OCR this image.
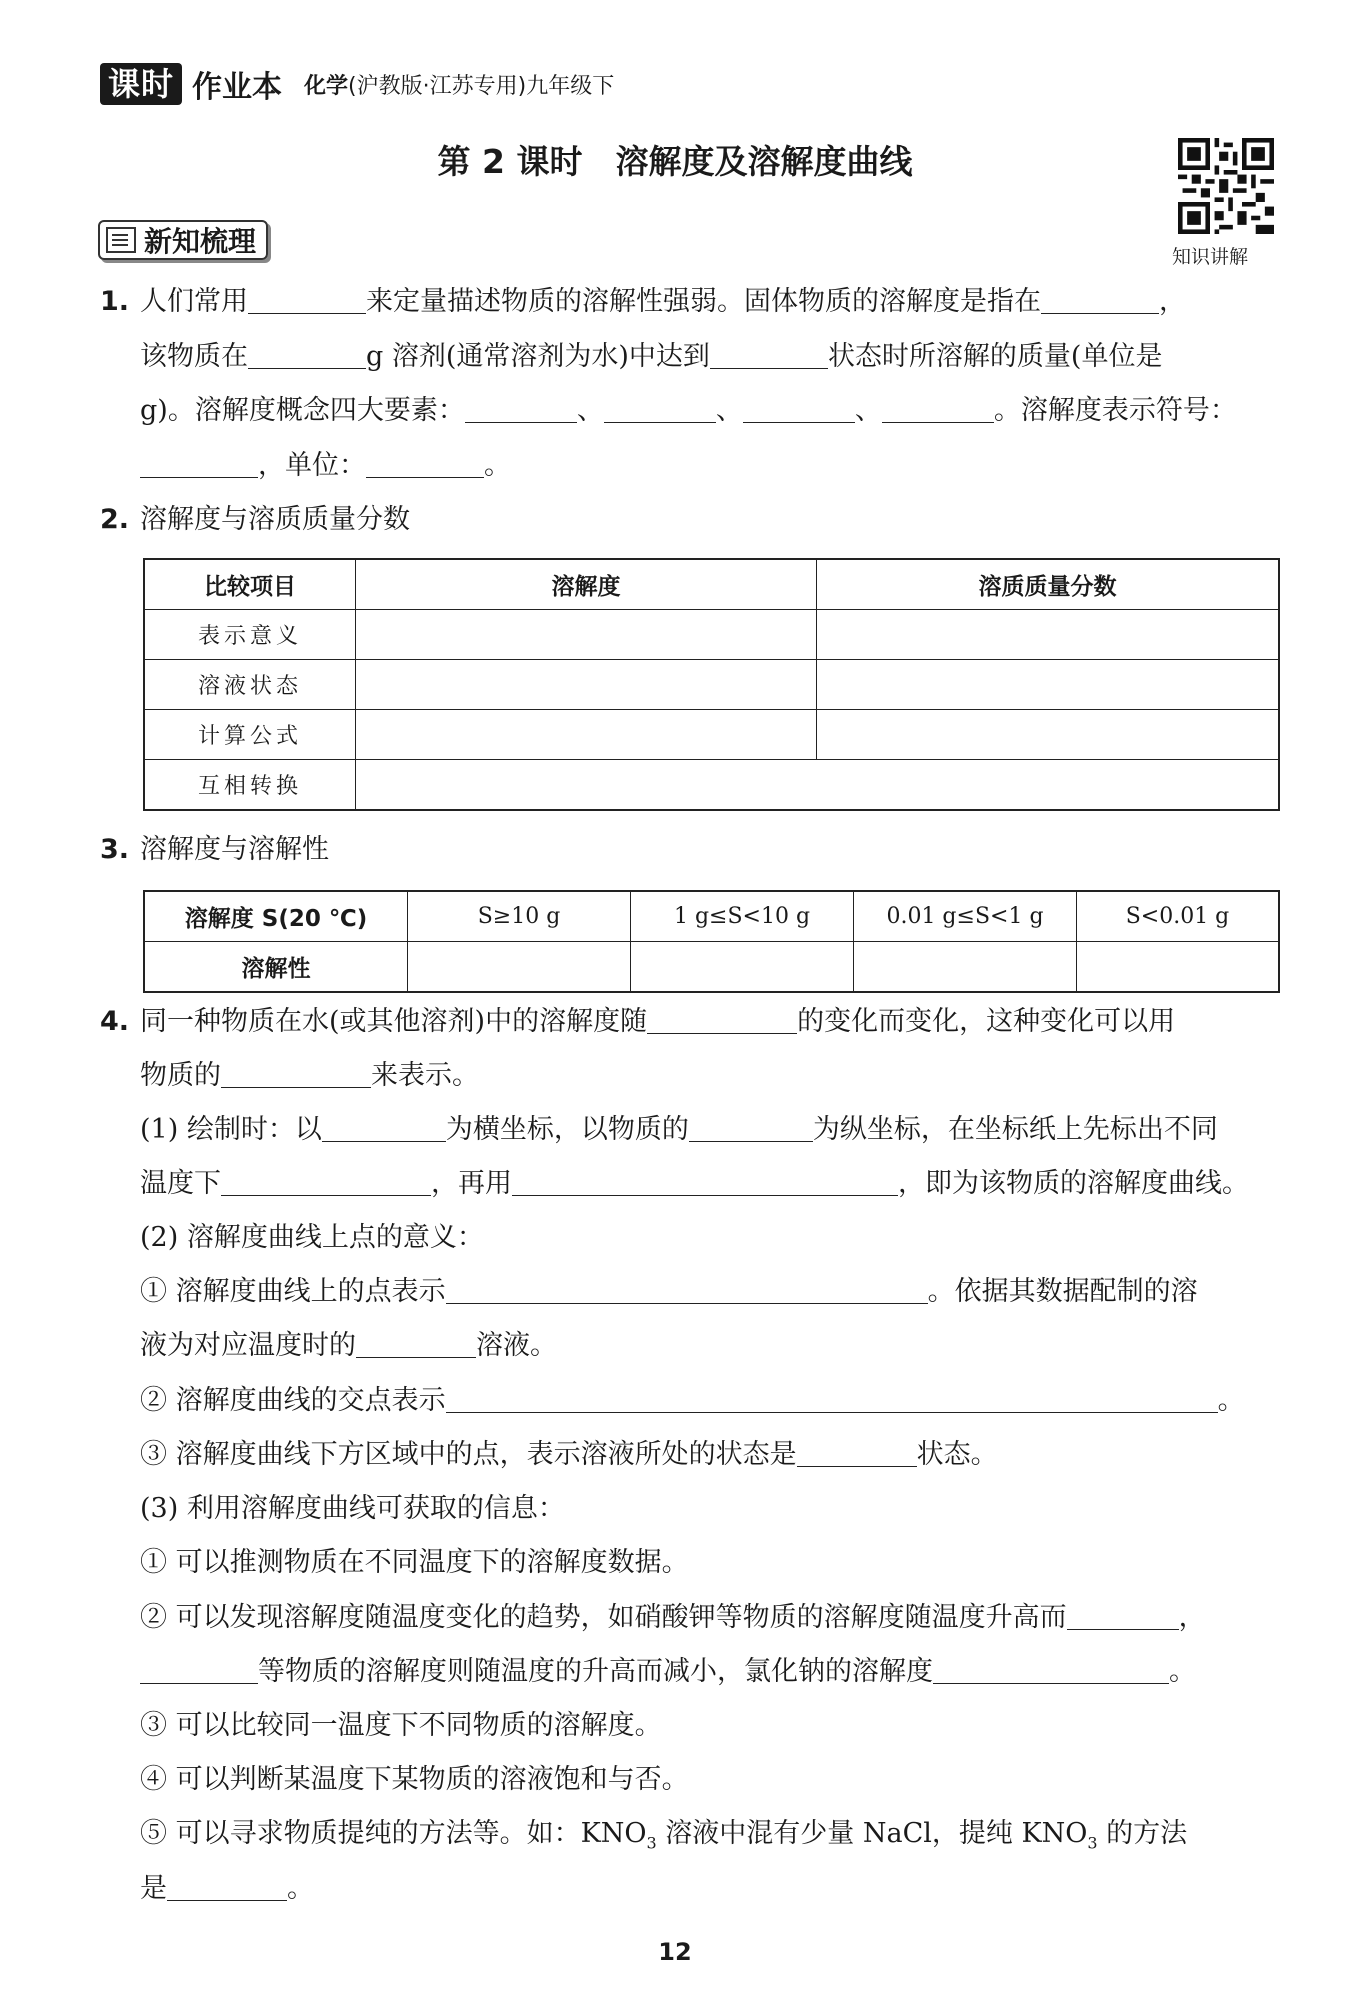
课时 作业本 化学(沪教版·江苏专用)九年级下
第 2 课时　溶解度及溶解度曲线
知识讲解
新知梳理
1. 人们常用	来定量描述物质的溶解性强弱。固体物质的溶解度是指在	，
该物质在	g 溶剂(通常溶剂为水)中达到	状态时所溶解的质量(单位是
g)。溶解度概念四大要素：	、	、	、	。溶解度表示符号：
，单位：	。
2. 溶解度与溶质质量分数
比较项目	溶解度	溶质质量分数
表示意义		
溶液状态		
计算公式		
互相转换		
3. 溶解度与溶解性
溶解度 S(20 ℃)	S≥10 g	1 g≤S<10 g	0.01 g≤S<1 g	S<0.01 g
溶解性				
4. 同一种物质在水(或其他溶剂)中的溶解度随	的变化而变化，这种变化可以用
物质的	来表示。
(1) 绘制时：以	为横坐标，以物质的	为纵坐标，在坐标纸上先标出不同
温度下	，再用	，即为该物质的溶解度曲线。
(2) 溶解度曲线上点的意义：
① 溶解度曲线上的点表示	。依据其数据配制的溶
液为对应温度时的	溶液。
② 溶解度曲线的交点表示	。
③ 溶解度曲线下方区域中的点，表示溶液所处的状态是	状态。
(3) 利用溶解度曲线可获取的信息：
① 可以推测物质在不同温度下的溶解度数据。
② 可以发现溶解度随温度变化的趋势，如硝酸钾等物质的溶解度随温度升高而	，
等物质的溶解度则随温度的升高而减小，氯化钠的溶解度	。
③ 可以比较同一温度下不同物质的溶解度。
④ 可以判断某温度下某物质的溶液饱和与否。
⑤ 可以寻求物质提纯的方法等。如：$KNO_3$ 溶液中混有少量 NaCl，提纯 $KNO_3$ 的方法
是	。
12
